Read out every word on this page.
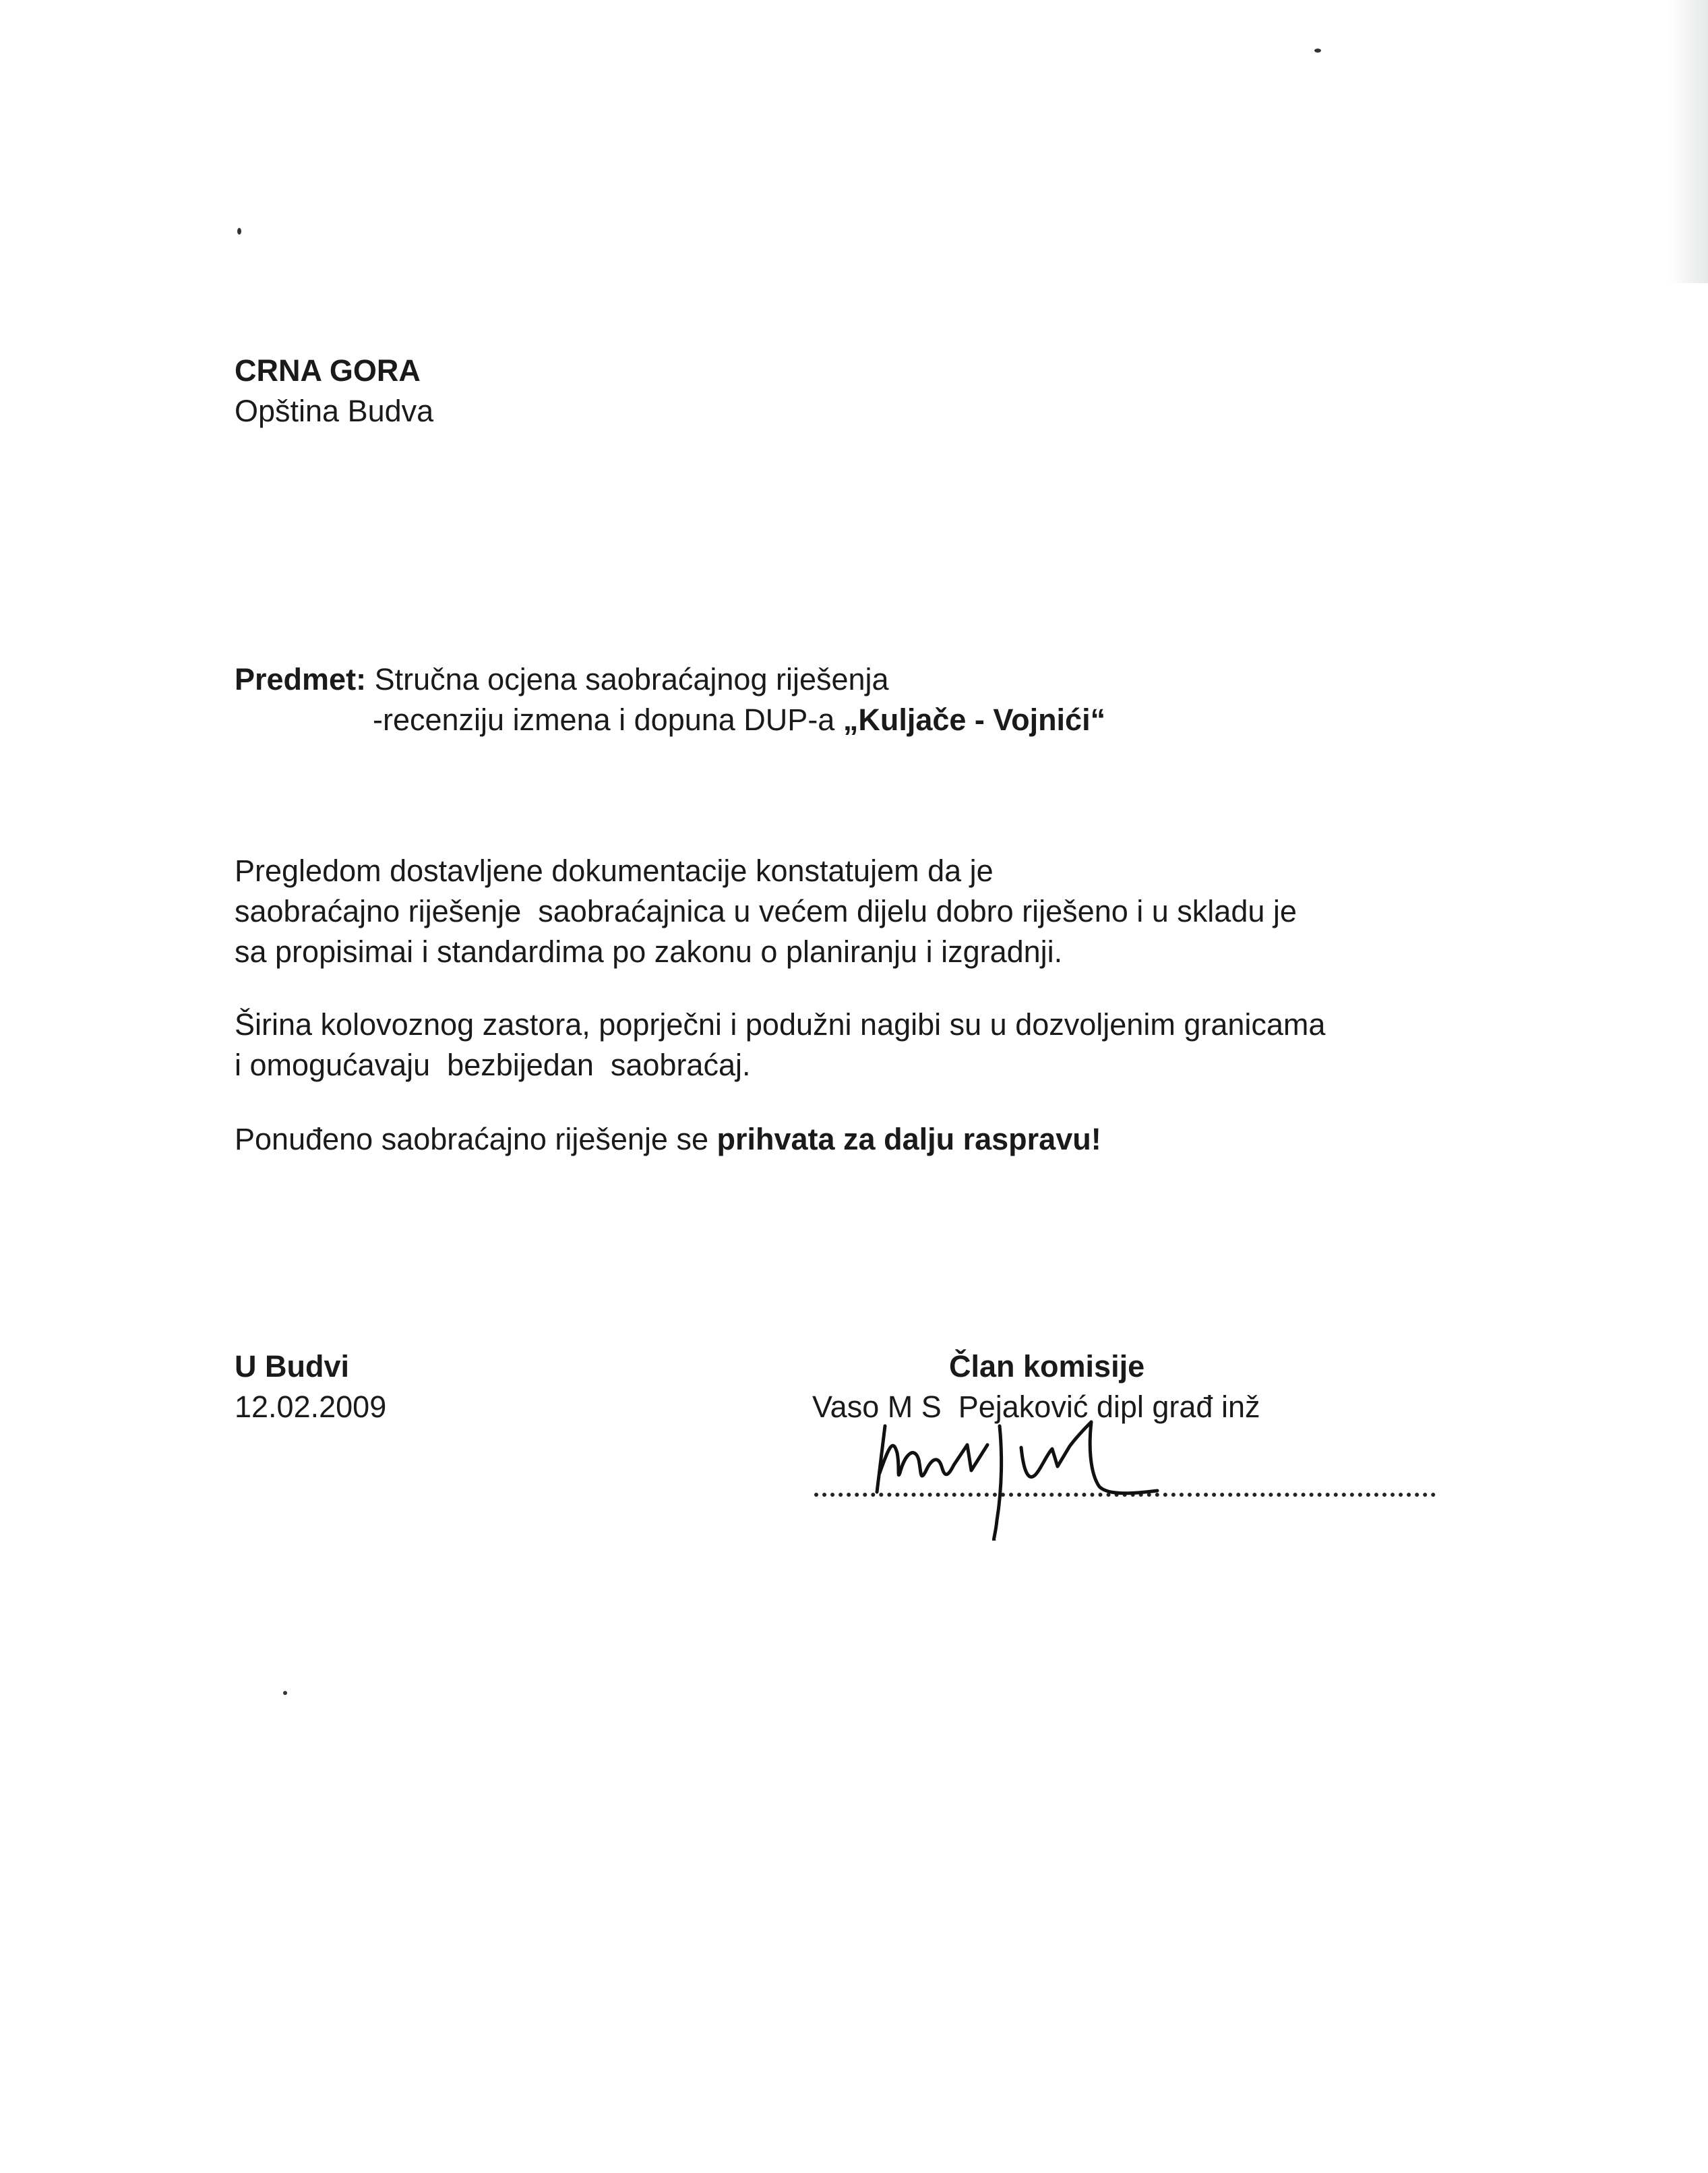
CRNA GORA
Opština Budva
Predmet: Stručna ocjena saobraćajnog riješenja
-recenziju izmena i dopuna DUP-a „Kuljače - Vojnići“
Pregledom dostavljene dokumentacije konstatujem da je
saobraćajno riješenje  saobraćajnica u većem dijelu dobro riješeno i u skladu je
sa propisimai i standardima po zakonu o planiranju i izgradnji.
Širina kolovoznog zastora, poprječni i podužni nagibi su u dozvoljenim granicama
i omogućavaju  bezbijedan  saobraćaj.
Ponuđeno saobraćajno riješenje se prihvata za dalju raspravu!
U Budvi
12.02.2009
Član komisije
Vaso M S  Pejaković dipl građ inž
